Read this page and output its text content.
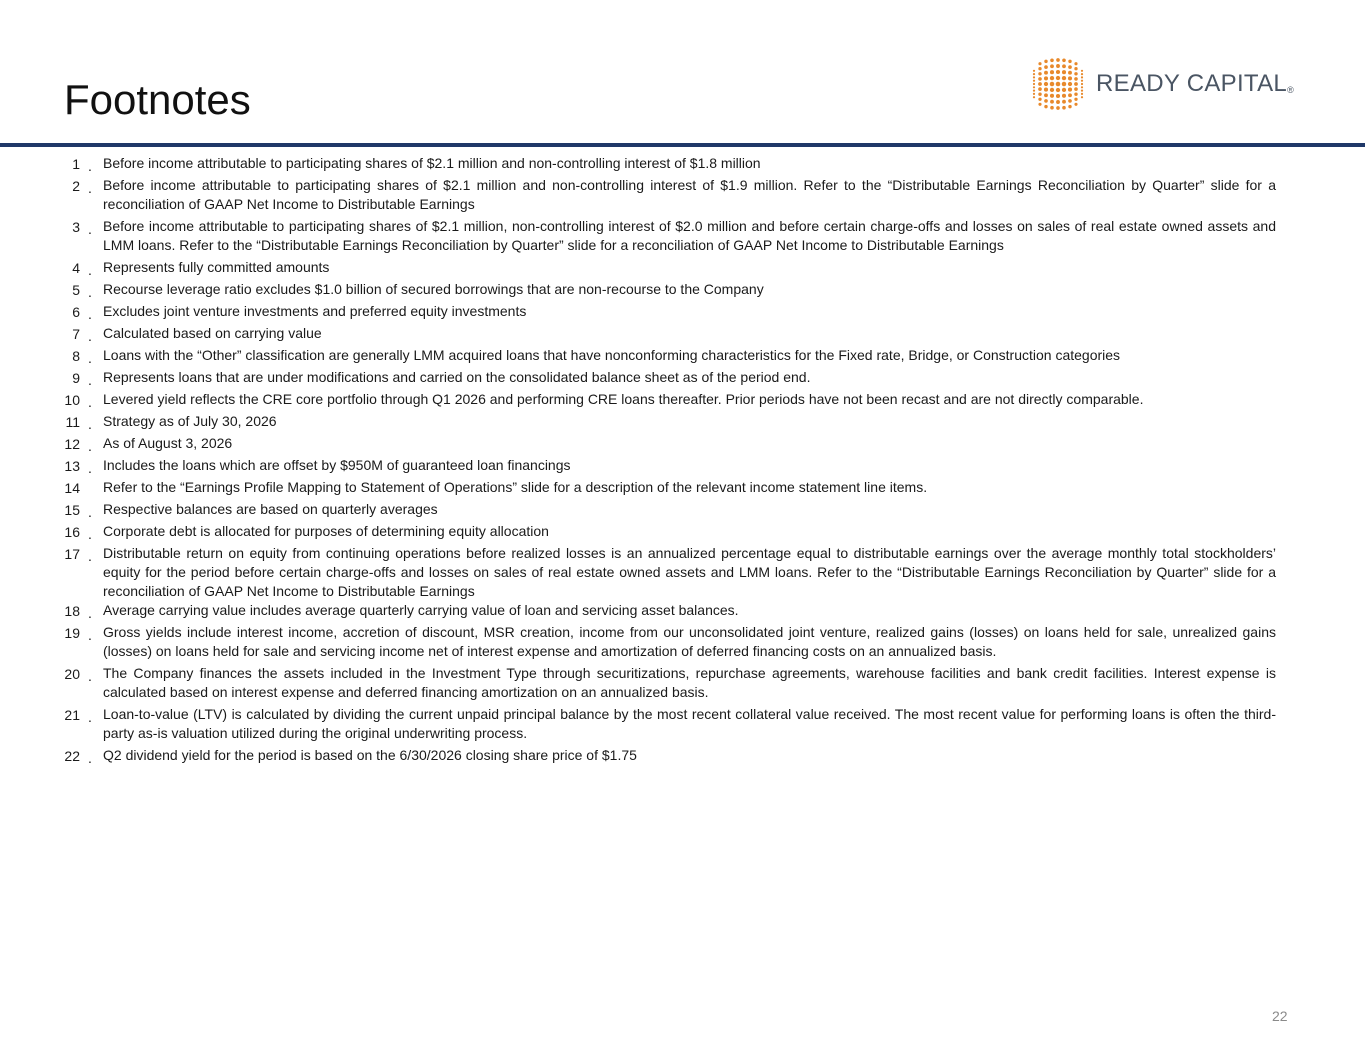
Footnotes	READY CAPITAL®
1 . Before income attributable to participating shares of $2.1 million and non-controlling interest of $1.8 million
2 . Before income attributable to participating shares of $2.1 million and non-controlling interest of $1.9 million. Refer to the “Distributable Earnings Reconciliation by Quarter” slide for a reconciliation of GAAP Net Income to Distributable Earnings
3 . Before income attributable to participating shares of $2.1 million, non-controlling interest of $2.0 million and before certain charge-offs and losses on sales of real estate owned assets and LMM loans. Refer to the “Distributable Earnings Reconciliation by Quarter” slide for a reconciliation of GAAP Net Income to Distributable Earnings
4 . Represents fully committed amounts
5 . Recourse leverage ratio excludes $1.0 billion of secured borrowings that are non-recourse to the Company
6 . Excludes joint venture investments and preferred equity investments
7 . Calculated based on carrying value
8 . Loans with the “Other” classification are generally LMM acquired loans that have nonconforming characteristics for the Fixed rate, Bridge, or Construction categories
9 . Represents loans that are under modifications and carried on the consolidated balance sheet as of the period end.
10 . Levered yield reflects the CRE core portfolio through Q1 2026 and performing CRE loans thereafter. Prior periods have not been recast and are not directly comparable.
11 . Strategy as of July 30, 2026
12 . As of August 3, 2026
13 . Includes the loans which are offset by $950M of guaranteed loan financings
14 Refer to the “Earnings Profile Mapping to Statement of Operations” slide for a description of the relevant income statement line items.
15 . Respective balances are based on quarterly averages
16 . Corporate debt is allocated for purposes of determining equity allocation
17 . Distributable return on equity from continuing operations before realized losses is an annualized percentage equal to distributable earnings over the average monthly total stockholders’ equity for the period before certain charge-offs and losses on sales of real estate owned assets and LMM loans. Refer to the “Distributable Earnings Reconciliation by Quarter” slide for a reconciliation of GAAP Net Income to Distributable Earnings
18 . Average carrying value includes average quarterly carrying value of loan and servicing asset balances.
19 . Gross yields include interest income, accretion of discount, MSR creation, income from our unconsolidated joint venture, realized gains (losses) on loans held for sale, unrealized gains (losses) on loans held for sale and servicing income net of interest expense and amortization of deferred financing costs on an annualized basis.
20 . The Company finances the assets included in the Investment Type through securitizations, repurchase agreements, warehouse facilities and bank credit facilities. Interest expense is calculated based on interest expense and deferred financing amortization on an annualized basis.
21 . Loan-to-value (LTV) is calculated by dividing the current unpaid principal balance by the most recent collateral value received. The most recent value for performing loans is often the third-party as-is valuation utilized during the original underwriting process.
22 . Q2 dividend yield for the period is based on the 6/30/2026 closing share price of $1.75
22
